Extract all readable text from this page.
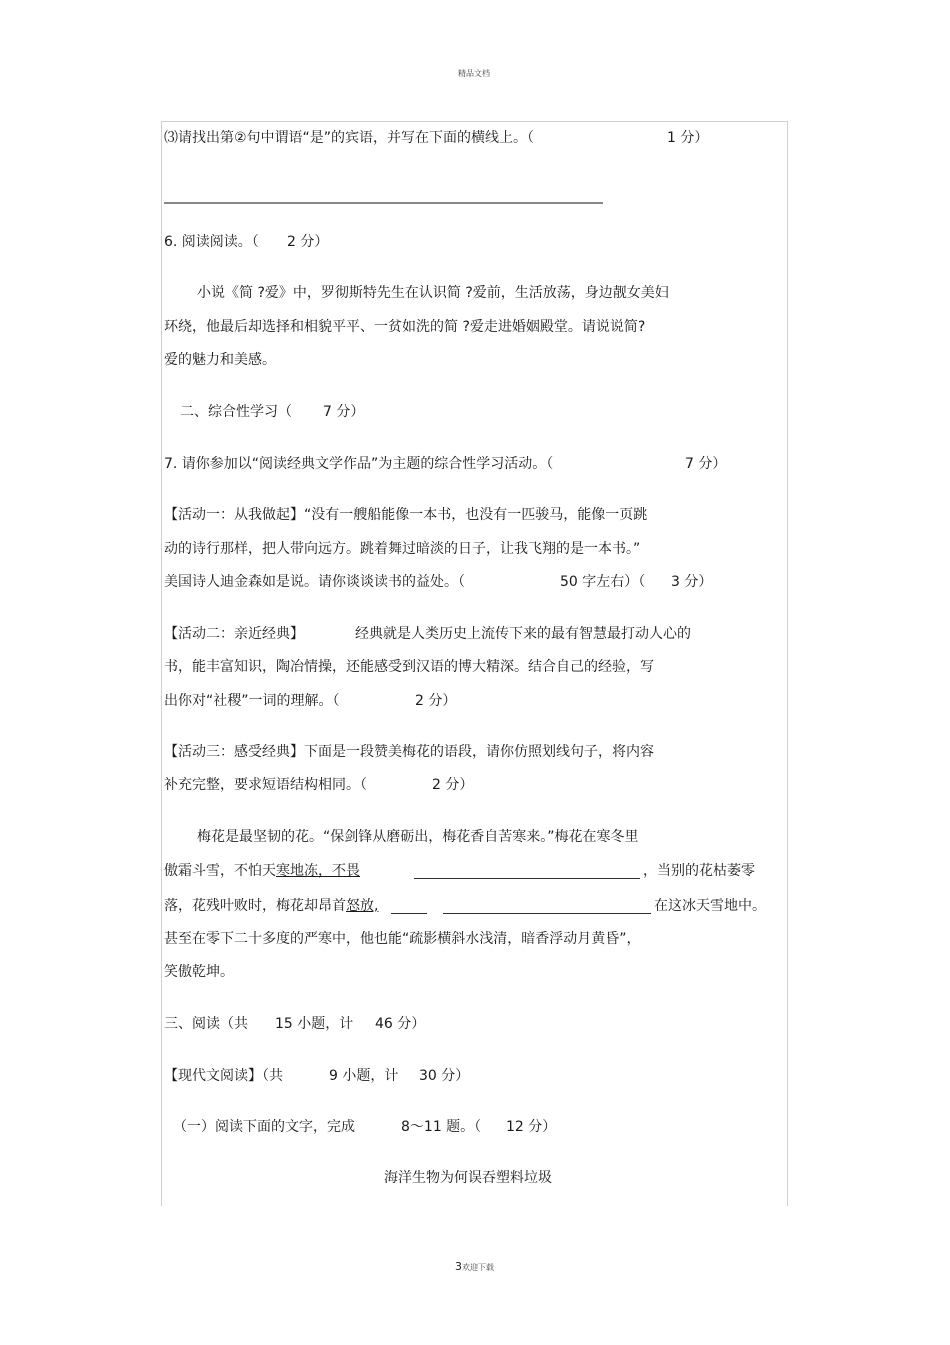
精品文档
⑶请找出第②句中谓语“是”的宾语，并写在下面的横线上。（	1 分）
6. 阅读阅读。（ 2 分）
小说《简 ?爱》中，罗彻斯特先生在认识简 ?爱前，生活放荡，身边靓女美妇
环绕，他最后却选择和相貌平平、一贫如洗的简 ?爱走进婚姻殿堂。请说说简?
爱的魅力和美感。
二、综合性学习（ 7 分）
7. 请你参加以“阅读经典文学作品”为主题的综合性学习活动。（	7 分）
【活动一：从我做起】“没有一艘船能像一本书，也没有一匹骏马，能像一页跳
动的诗行那样，把人带向远方。跳着舞过暗淡的日子，让我飞翔的是一本书。”
美国诗人迪金森如是说。请你谈谈读书的益处。（	50 字左右）（ 3 分）
【活动二：亲近经典】	经典就是人类历史上流传下来的最有智慧最打动人心的
书，能丰富知识，陶冶情操，还能感受到汉语的博大精深。结合自己的经验，写
出你对“社稷”一词的理解。（	2 分）
【活动三：感受经典】下面是一段赞美梅花的语段，请你仿照划线句子，将内容
补充完整，要求短语结构相同。（	2 分）
梅花是最坚韧的花。“保剑锋从磨砺出，梅花香自苦寒来。”梅花在寒冬里
傲霜斗雪，不怕天寒地冻，不畏	，当别的花枯萎零
落，花残叶败时，梅花却昂首怒放,	在这冰天雪地中。
甚至在零下二十多度的严寒中，他也能“疏影横斜水浅清，暗香浮动月黄昏”，
笑傲乾坤。
三、阅读（共 15 小题，计 46 分）
【现代文阅读】（共	9 小题，计 30 分）
（一）阅读下面的文字，完成	8～11 题。（ 12 分）
海洋生物为何误吞塑料垃圾
3欢迎下载
